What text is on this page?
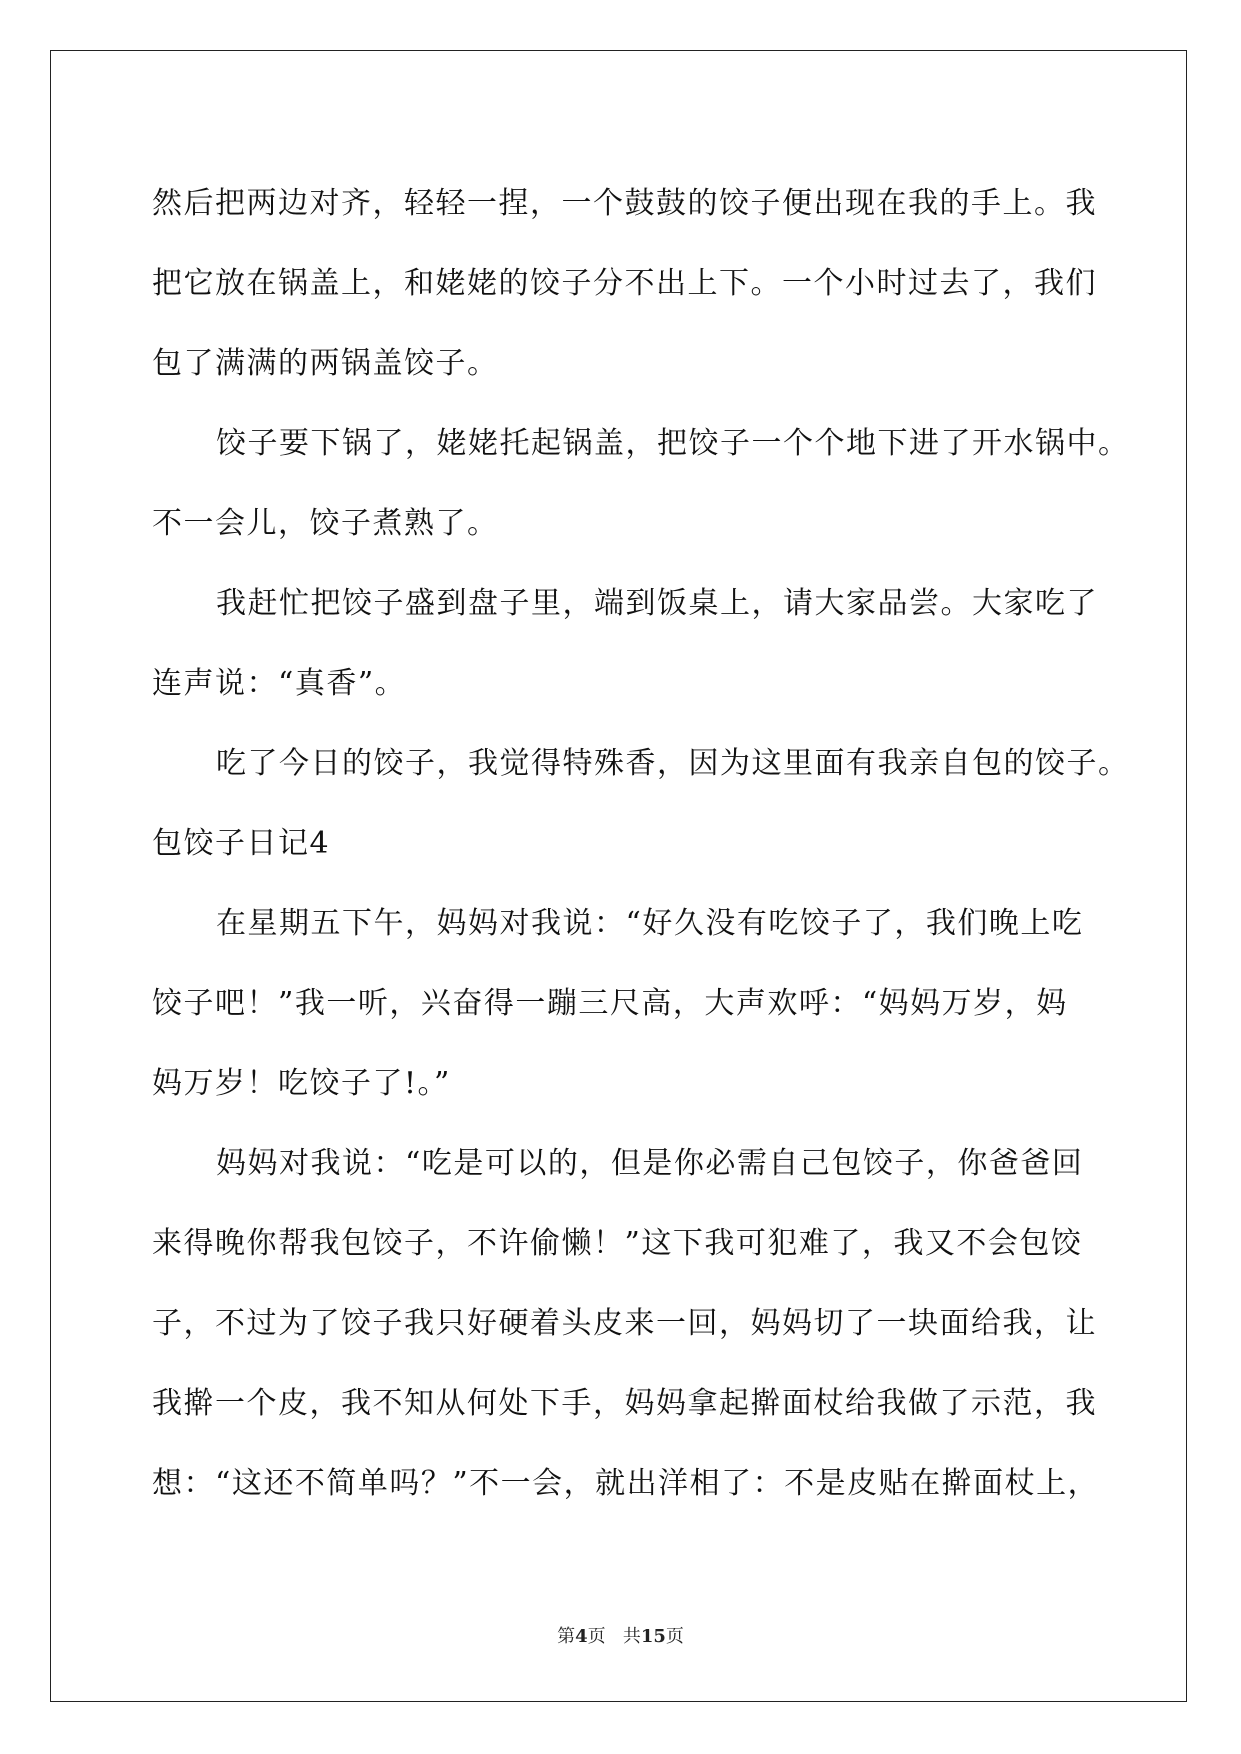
然后把两边对齐，轻轻一捏，一个鼓鼓的饺子便出现在我的手上。我
把它放在锅盖上，和姥姥的饺子分不出上下。一个小时过去了，我们
包了满满的两锅盖饺子。
饺子要下锅了，姥姥托起锅盖，把饺子一个个地下进了开水锅中。
不一会儿，饺子煮熟了。
我赶忙把饺子盛到盘子里，端到饭桌上，请大家品尝。大家吃了
连声说：“真香”。
吃了今日的饺子，我觉得特殊香，因为这里面有我亲自包的饺子。
包饺子日记4
在星期五下午，妈妈对我说：“好久没有吃饺子了，我们晚上吃
饺子吧！”我一听，兴奋得一蹦三尺高，大声欢呼：“妈妈万岁，妈
妈万岁！吃饺子了!。”
妈妈对我说：“吃是可以的，但是你必需自己包饺子，你爸爸回
来得晚你帮我包饺子，不许偷懒！”这下我可犯难了，我又不会包饺
子，不过为了饺子我只好硬着头皮来一回，妈妈切了一块面给我，让
我擀一个皮，我不知从何处下手，妈妈拿起擀面杖给我做了示范，我
想：“这还不简单吗？”不一会，就出洋相了：不是皮贴在擀面杖上，
第4页 共15页
